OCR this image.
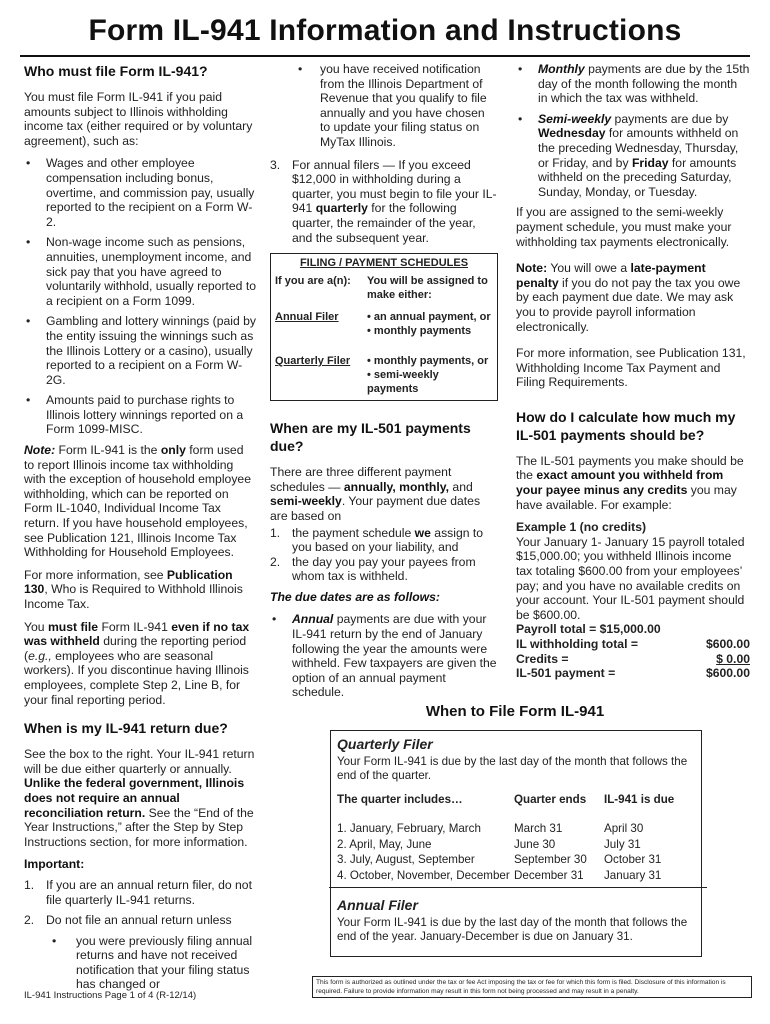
Form IL-941 Information and Instructions
Who must file Form IL-941?

You must file Form IL-941 if you paid amounts subject to Illinois withholding income tax (either required or by voluntary agreement), such as:

• Wages and other employee compensation including bonus, overtime, and commission pay, usually reported to the recipient on a Form W-2.
• Non-wage income such as pensions, annuities, unemployment income, and sick pay that you have agreed to voluntarily withhold, usually reported to a recipient on a Form 1099.
• Gambling and lottery winnings (paid by the entity issuing the winnings such as the Illinois Lottery or a casino), usually reported to a recipient on a Form W-2G.
• Amounts paid to purchase rights to Illinois lottery winnings reported on a Form 1099-MISC.

Note: Form IL-941 is the only form used to report Illinois income tax withholding with the exception of household employee withholding, which can be reported on Form IL-1040, Individual Income Tax return. If you have household employees, see Publication 121, Illinois Income Tax Withholding for Household Employees.

For more information, see Publication 130, Who is Required to Withhold Illinois Income Tax.

You must file Form IL-941 even if no tax was withheld during the reporting period (e.g., employees who are seasonal workers). If you discontinue having Illinois employees, complete Step 2, Line B, for your final reporting period.

When is my IL-941 return due?

See the box to the right. Your IL-941 return will be due either quarterly or annually. Unlike the federal government, Illinois does not require an annual reconciliation return. See the “End of the Year Instructions,” after the Step by Step Instructions section, for more information.

Important:

1. If you are an annual return filer, do not file quarterly IL-941 returns.
2. Do not file an annual return unless
• you were previously filing annual returns and have not received notification that your filing status has changed or
• you have received notification from the Illinois Department of Revenue that you qualify to file annually and you have chosen to update your filing status on MyTax Illinois.
3. For annual filers — If you exceed $12,000 in withholding during a quarter, you must begin to file your IL-941 quarterly for the following quarter, the remainder of the year, and the subsequent year.
FILING / PAYMENT SCHEDULES
If you are a(n):	You will be assigned to make either:
Annual Filer	• an annual payment, or
• monthly payments
Quarterly Filer	• monthly payments, or
• semi-weekly payments
When are my IL-501 payments due?

There are three different payment schedules — annually, monthly, and semi-weekly. Your payment due dates are based on

1. the payment schedule we assign to you based on your liability, and
2. the day you pay your payees from whom tax is withheld.

The due dates are as follows:

• Annual payments are due with your IL-941 return by the end of January following the year the amounts were withheld. Few taxpayers are given the option of an annual payment schedule.
• Monthly payments are due by the 15th day of the month following the month in which the tax was withheld.
• Semi-weekly payments are due by Wednesday for amounts withheld on the preceding Wednesday, Thursday, or Friday, and by Friday for amounts withheld on the preceding Saturday, Sunday, Monday, or Tuesday.

If you are assigned to the semi-weekly payment schedule, you must make your withholding tax payments electronically.

Note: You will owe a late-payment penalty if you do not pay the tax you owe by each payment due date. We may ask you to provide payroll information electronically.

For more information, see Publication 131, Withholding Income Tax Payment and Filing Requirements.

How do I calculate how much my IL-501 payments should be?

The IL-501 payments you make should be the exact amount you withheld from your payee minus any credits you may have available. For example:

Example 1 (no credits)
Your January 1- January 15 payroll totaled $15,000.00; you withheld Illinois income tax totaling $600.00 from your employees’ pay; and you have no available credits on your account. Your IL-501 payment should be $600.00.
Payroll total = $15,000.00
IL withholding total =	$600.00
Credits =	$ 0.00
IL-501 payment =	$600.00
When to File Form IL-941
Quarterly Filer
Your Form IL-941 is due by the last day of the month that follows the end of the quarter.
The quarter includes…	Quarter ends	IL-941 is due
1. January, February, March	March 31	April 30
2. April, May, June	June 30	July 31
3. July, August, September	September 30	October 31
4. October, November, December December 31	January 31
Annual Filer
Your Form IL-941 is due by the last day of the month that follows the end of the year. January-December is due on January 31.
IL-941 Instructions Page 1 of 4 (R-12/14)
This form is authorized as outlined under the tax or fee Act imposing the tax or fee for which this form is filed. Disclosure of this information is required. Failure to provide information may result in this form not being processed and may result in a penalty.
